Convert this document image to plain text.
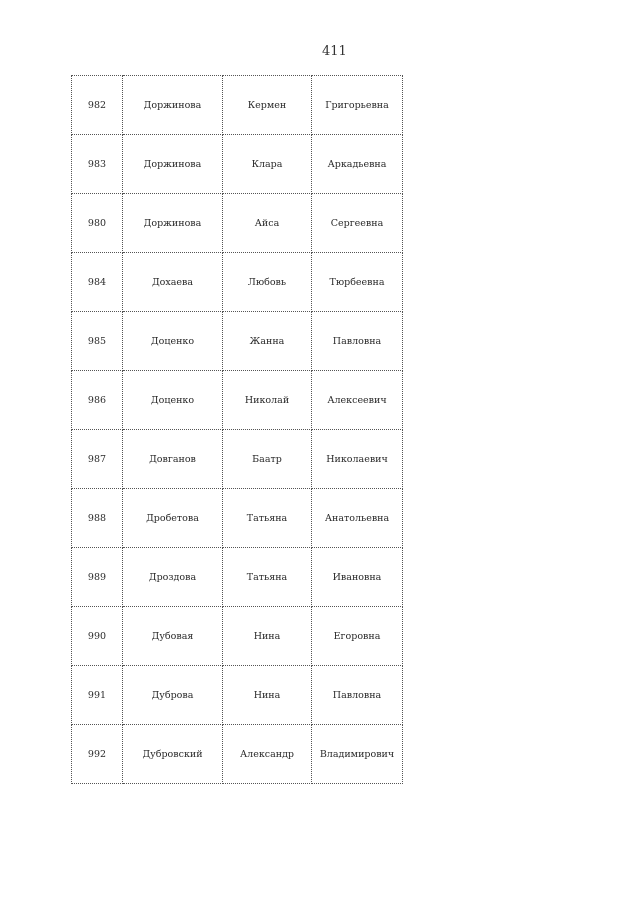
411
982	Доржинова	Кермен	Григорьевна
983	Доржинова	Клара	Аркадьевна
980	Доржинова	Айса	Сергеевна
984	Дохаева	Любовь	Тюрбеевна
985	Доценко	Жанна	Павловна
986	Доценко	Николай	Алексеевич
987	Довганов	Баатр	Николаевич
988	Дробетова	Татьяна	Анатольевна
989	Дроздова	Татьяна	Ивановна
990	Дубовая	Нина	Егоровна
991	Дуброва	Нина	Павловна
992	Дубровский	Александр	Владимирович
